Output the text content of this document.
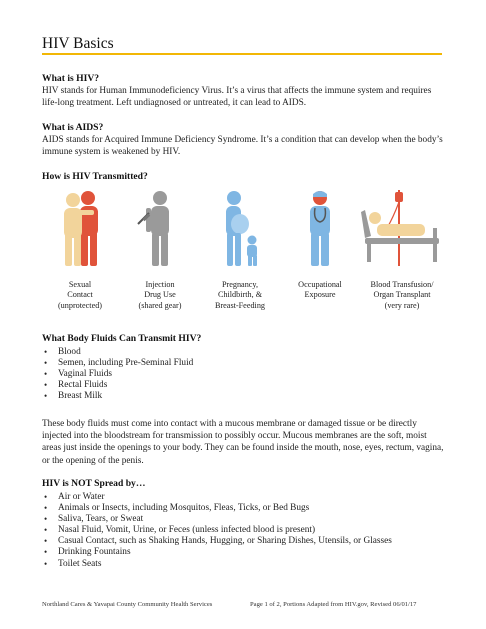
HIV Basics
What is HIV?
HIV stands for Human Immunodeficiency Virus. It’s a virus that affects the immune system and requires life-long treatment. Left undiagnosed or untreated, it can lead to AIDS.
What is AIDS?
AIDS stands for Acquired Immune Deficiency Syndrome. It’s a condition that can develop when the body’s immune system is weakened by HIV.
How is HIV Transmitted?
Sexual
Contact
(unprotected)
Injection
Drug Use
(shared gear)
Pregnancy,
Childbirth, &
Breast-Feeding
Occupational
Exposure
Blood Transfusion/
Organ Transplant
(very rare)
What Body Fluids Can Transmit HIV?
• Blood
• Semen, including Pre-Seminal Fluid
• Vaginal Fluids
• Rectal Fluids
• Breast Milk
These body fluids must come into contact with a mucous membrane or damaged tissue or be directly injected into the bloodstream for transmission to possibly occur. Mucous membranes are the soft, moist areas just inside the openings to your body. They can be found inside the mouth, nose, eyes, rectum, vagina, or the opening of the penis.
HIV is NOT Spread by…
• Air or Water
• Animals or Insects, including Mosquitos, Fleas, Ticks, or Bed Bugs
• Saliva, Tears, or Sweat
• Nasal Fluid, Vomit, Urine, or Feces (unless infected blood is present)
• Casual Contact, such as Shaking Hands, Hugging, or Sharing Dishes, Utensils, or Glasses
• Drinking Fountains
• Toilet Seats
Northland Cares & Yavapai County Community Health Services	Page 1 of 2, Portions Adapted from HIV.gov, Revised 06/01/17
